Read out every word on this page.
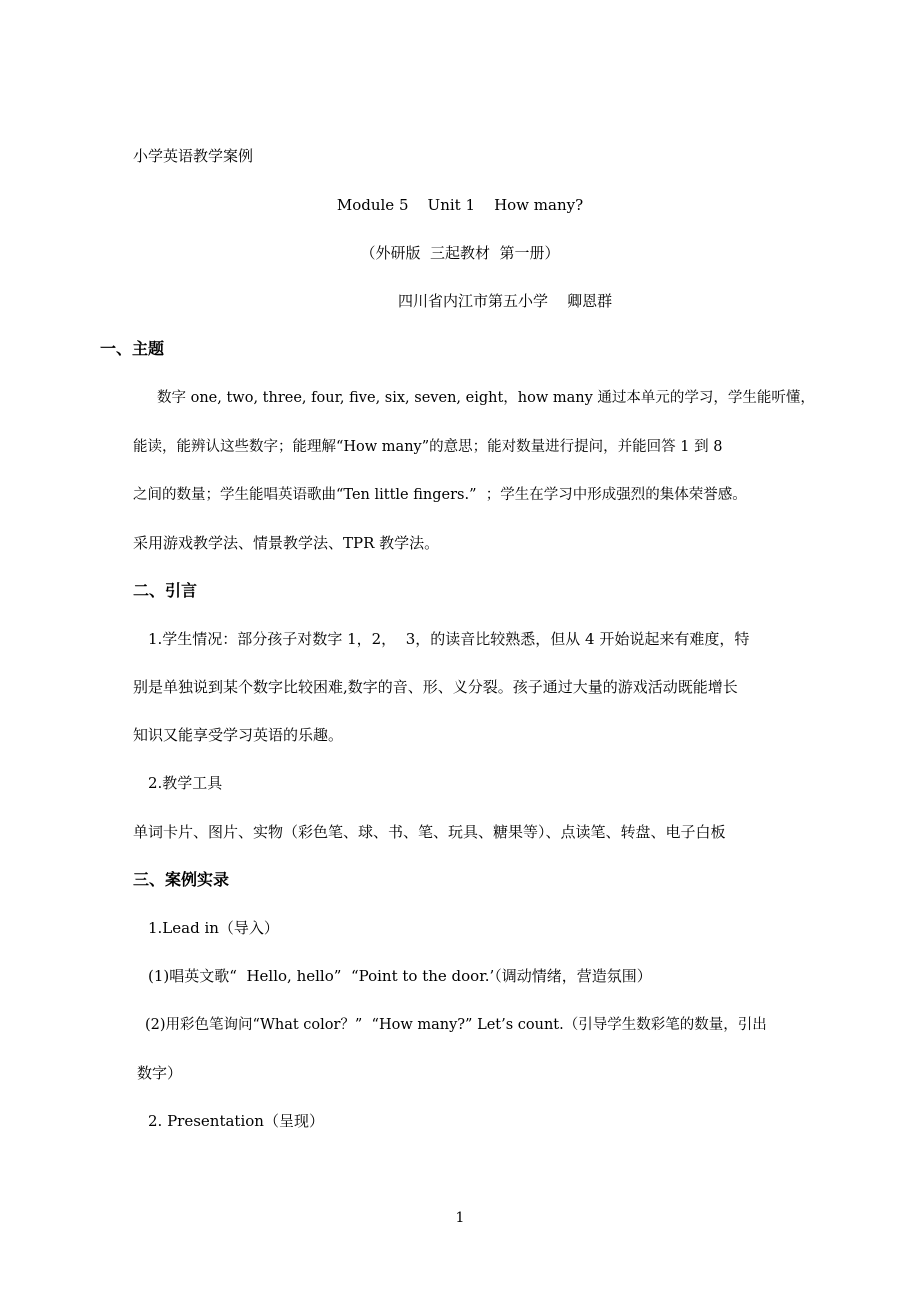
小学英语教学案例
Module 5    Unit 1    How many?
（外研版  三起教材  第一册）
四川省内江市第五小学    卿恩群
一、主题
数字 one, two, three, four, five, six, seven, eight，how many 通过本单元的学习，学生能听懂，
能读，能辨认这些数字；能理解“How many”的意思；能对数量进行提问，并能回答 1 到 8
之间的数量；学生能唱英语歌曲“Ten little fingers.”  ；学生在学习中形成强烈的集体荣誉感。
采用游戏教学法、情景教学法、TPR 教学法。
二、引言
1.学生情况：部分孩子对数字 1，2，  3，的读音比较熟悉，但从 4 开始说起来有难度，特
别是单独说到某个数字比较困难,数字的音、形、义分裂。孩子通过大量的游戏活动既能增长
知识又能享受学习英语的乐趣。
2.教学工具
单词卡片、图片、实物（彩色笔、球、书、笔、玩具、糖果等）、点读笔、转盘、电子白板
三、案例实录
1.Lead in（导入）
(1)唱英文歌“  Hello, hello”  “Point to the door.’（调动情绪，营造氛围）
(2)用彩色笔询问“What color？”  “How many?” Let’s count.（引导学生数彩笔的数量，引出
数字）
2. Presentation（呈现）
1
